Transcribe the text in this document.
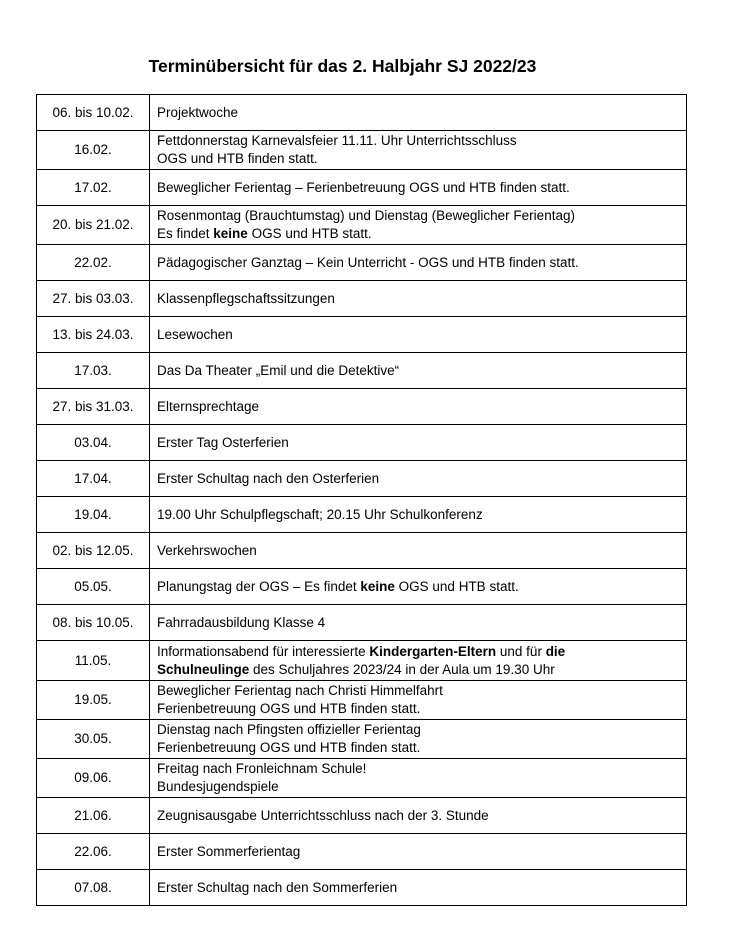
Terminübersicht für das 2. Halbjahr SJ 2022/23
06. bis 10.02.	Projektwoche

16.02.	Fettdonnerstag Karnevalsfeier 11.11. Uhr Unterrichtsschluss
OGS und HTB finden statt.

17.02.	Beweglicher Ferientag – Ferienbetreuung OGS und HTB finden statt.

20. bis 21.02.	Rosenmontag (Brauchtumstag) und Dienstag (Beweglicher Ferientag)
Es findet keine OGS und HTB statt.

22.02.	Pädagogischer Ganztag – Kein Unterricht - OGS und HTB finden statt.

27. bis 03.03.	Klassenpflegschaftssitzungen

13. bis 24.03.	Lesewochen

17.03.	Das Da Theater „Emil und die Detektive“

27. bis 31.03.	Elternsprechtage

03.04.	Erster Tag Osterferien

17.04.	Erster Schultag nach den Osterferien

19.04.	19.00 Uhr Schulpflegschaft; 20.15 Uhr Schulkonferenz

02. bis 12.05.	Verkehrswochen

05.05.	Planungstag der OGS – Es findet keine OGS und HTB statt.

08. bis 10.05.	Fahrradausbildung Klasse 4

11.05.	Informationsabend für interessierte Kindergarten-Eltern und für die
Schulneulinge des Schuljahres 2023/24 in der Aula um 19.30 Uhr

19.05.	Beweglicher Ferientag nach Christi Himmelfahrt
Ferienbetreuung OGS und HTB finden statt.

30.05.	Dienstag nach Pfingsten offizieller Ferientag
Ferienbetreuung OGS und HTB finden statt.

09.06.	Freitag nach Fronleichnam Schule!
Bundesjugendspiele

21.06.	Zeugnisausgabe Unterrichtsschluss nach der 3. Stunde

22.06.	Erster Sommerferientag

07.08.	Erster Schultag nach den Sommerferien
